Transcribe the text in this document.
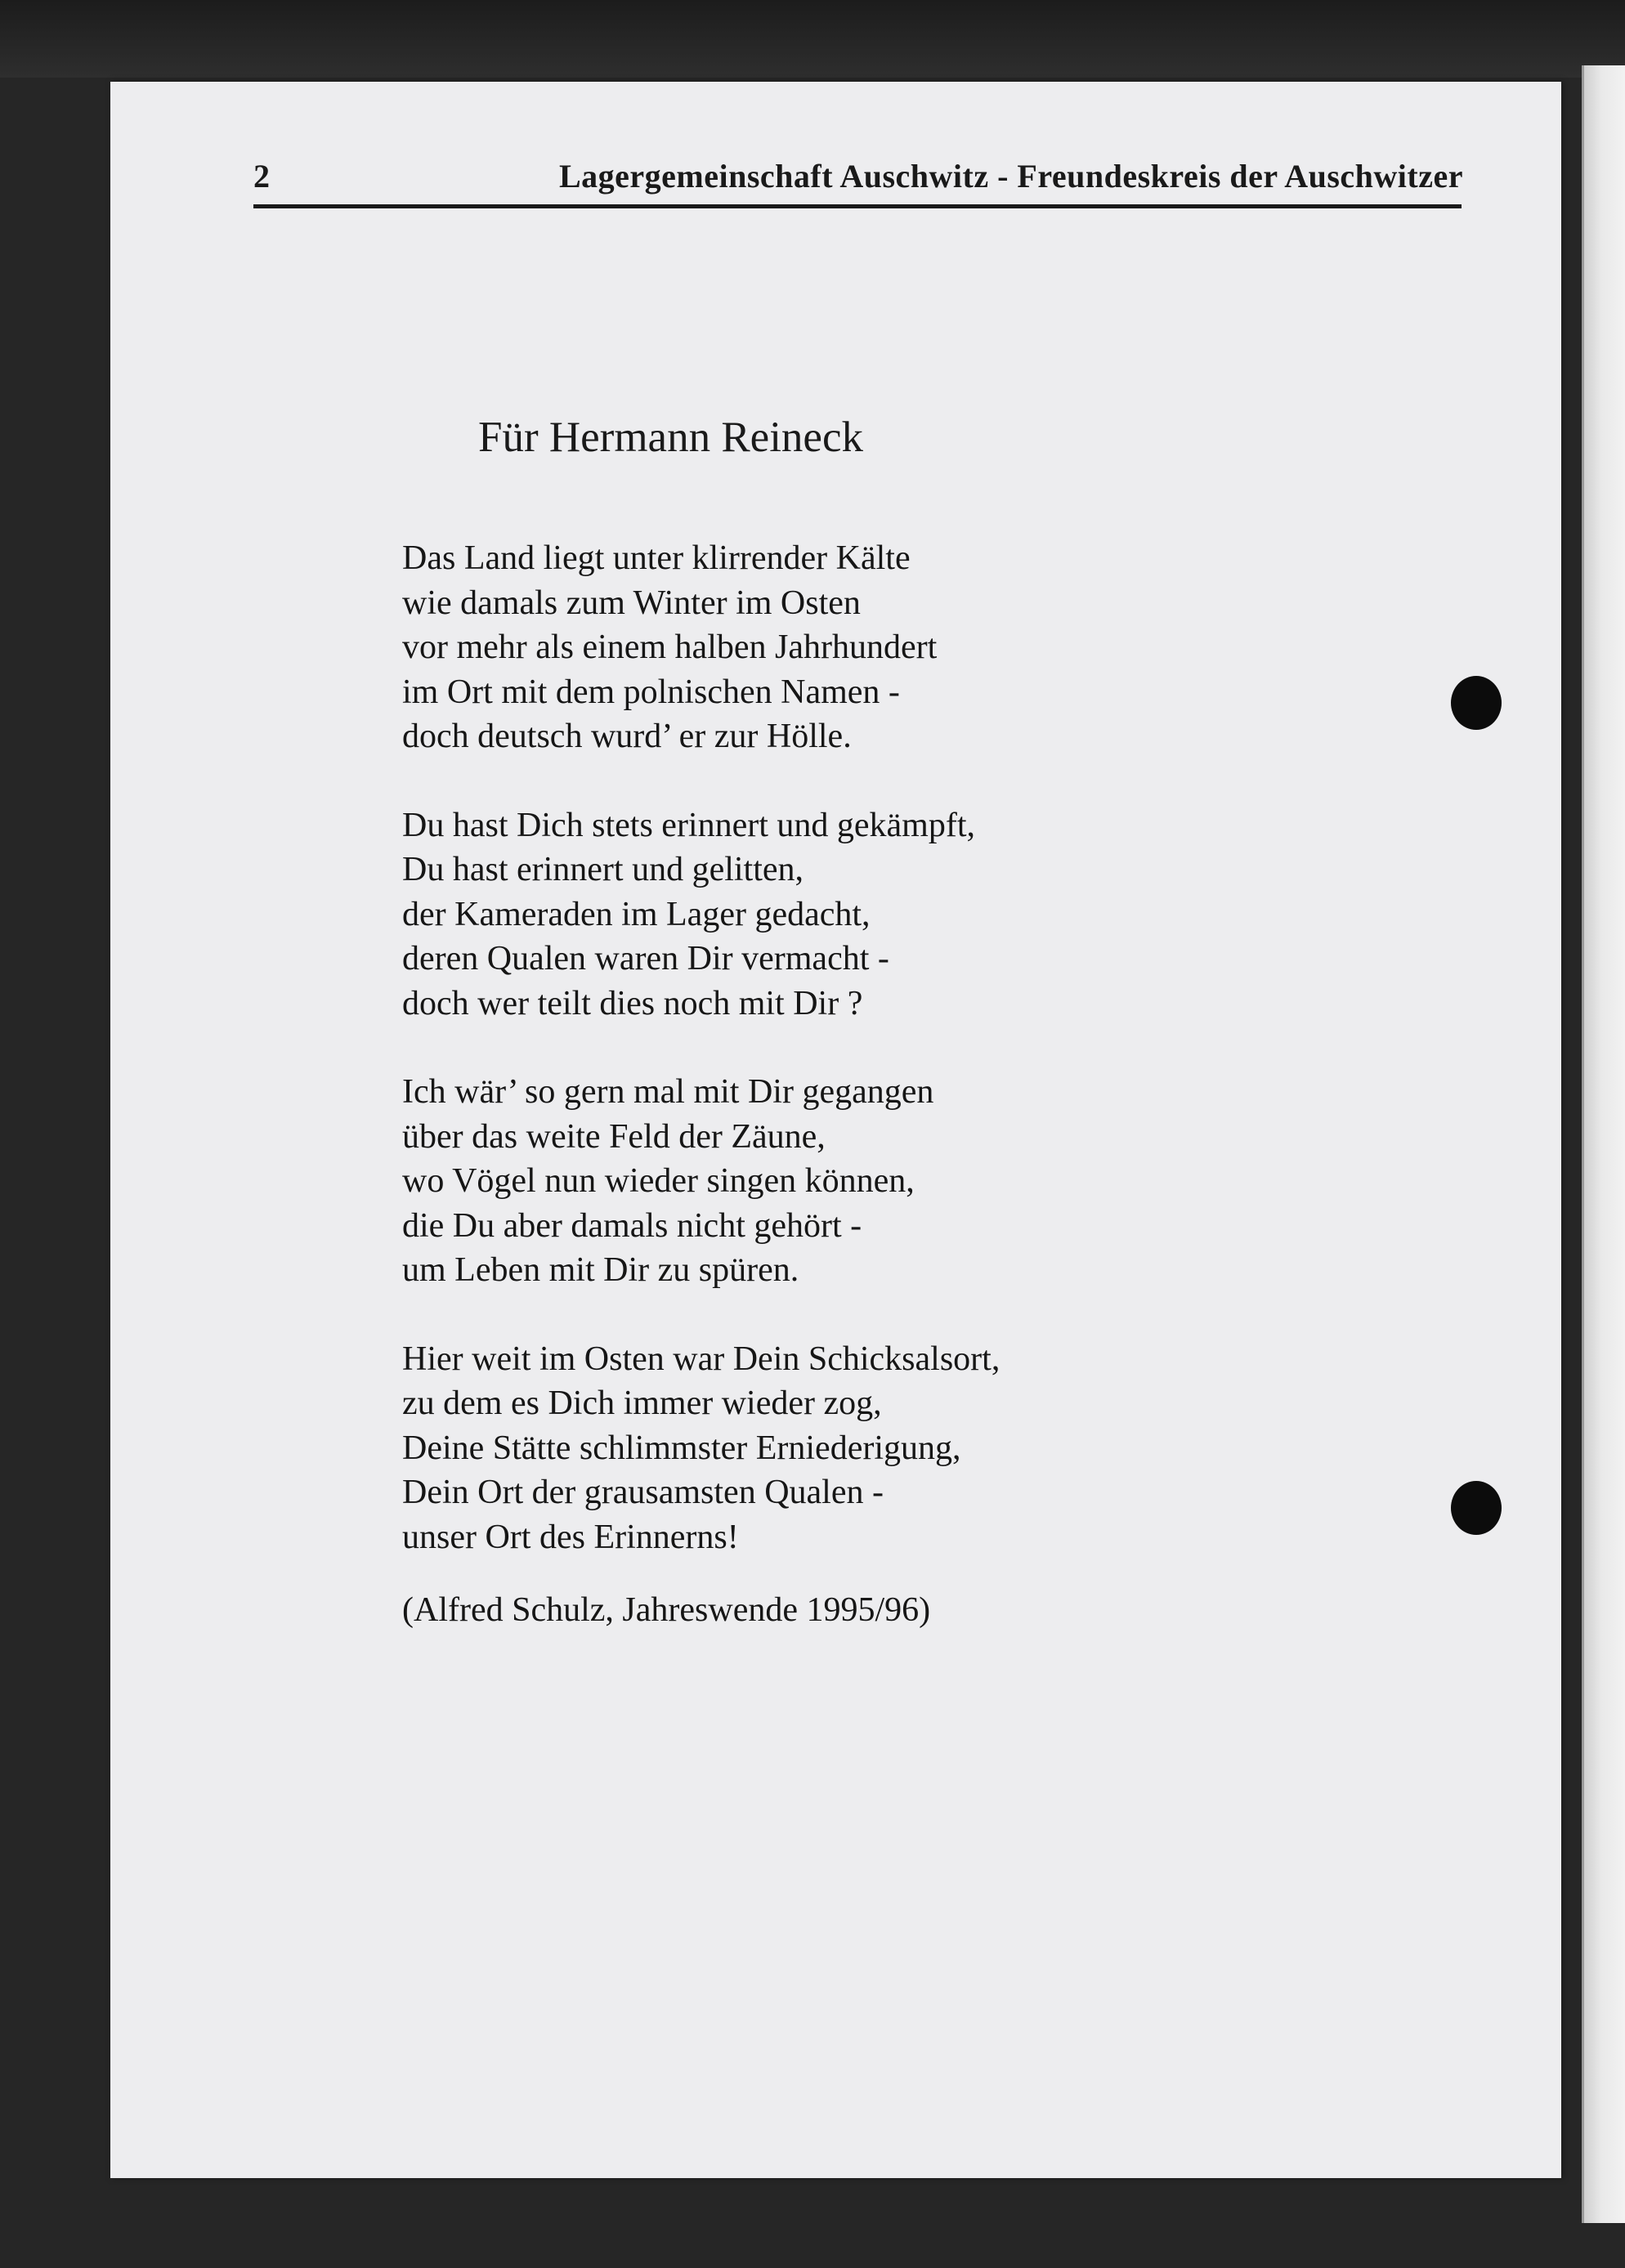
2	Lagergemeinschaft Auschwitz - Freundeskreis der Auschwitzer
Für Hermann Reineck
Das Land liegt unter klirrender Kälte
wie damals zum Winter im Osten
vor mehr als einem halben Jahrhundert
im Ort mit dem polnischen Namen -
doch deutsch wurd’ er zur Hölle.
Du hast Dich stets erinnert und gekämpft,
Du hast erinnert und gelitten,
der Kameraden im Lager gedacht,
deren Qualen waren Dir vermacht -
doch wer teilt dies noch mit Dir ?
Ich wär’ so gern mal mit Dir gegangen
über das weite Feld der Zäune,
wo Vögel nun wieder singen können,
die Du aber damals nicht gehört -
um Leben mit Dir zu spüren.
Hier weit im Osten war Dein Schicksalsort,
zu dem es Dich immer wieder zog,
Deine Stätte schlimmster Erniederigung,
Dein Ort der grausamsten Qualen -
unser Ort des Erinnerns!
(Alfred Schulz, Jahreswende 1995/96)
